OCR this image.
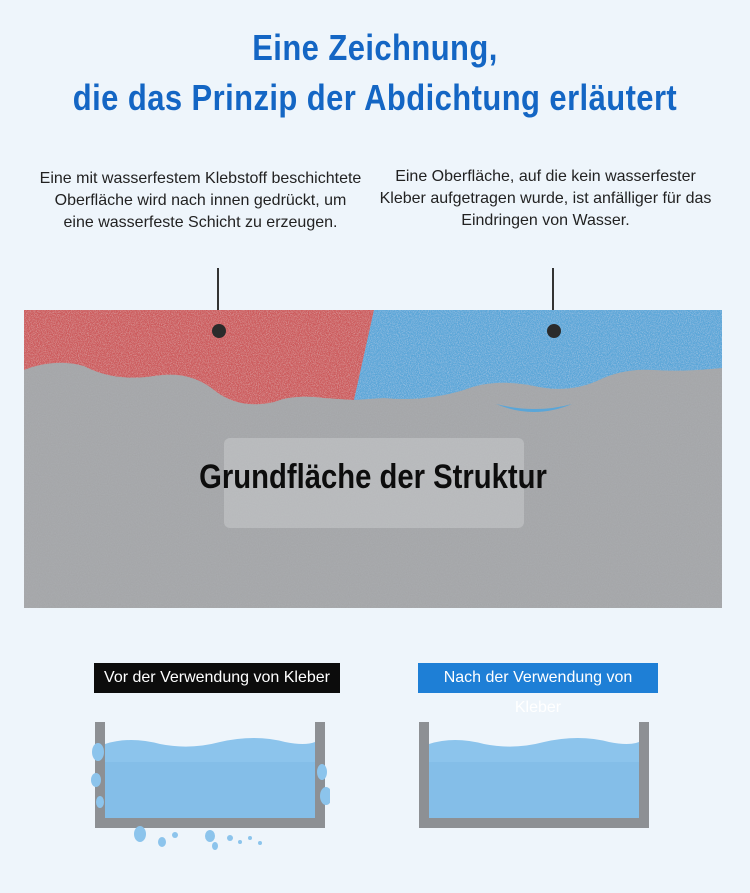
Eine Zeichnung,
die das Prinzip der Abdichtung erläutert
Eine mit wasserfestem Klebstoff beschichtete Oberfläche wird nach innen gedrückt, um eine wasserfeste Schicht zu erzeugen.
Eine Oberfläche, auf die kein wasserfester Kleber aufgetragen wurde, ist anfälliger für das Eindringen von Wasser.
Grundfläche der Struktur
Vor der Verwendung von Kleber	Nach der Verwendung von Kleber
